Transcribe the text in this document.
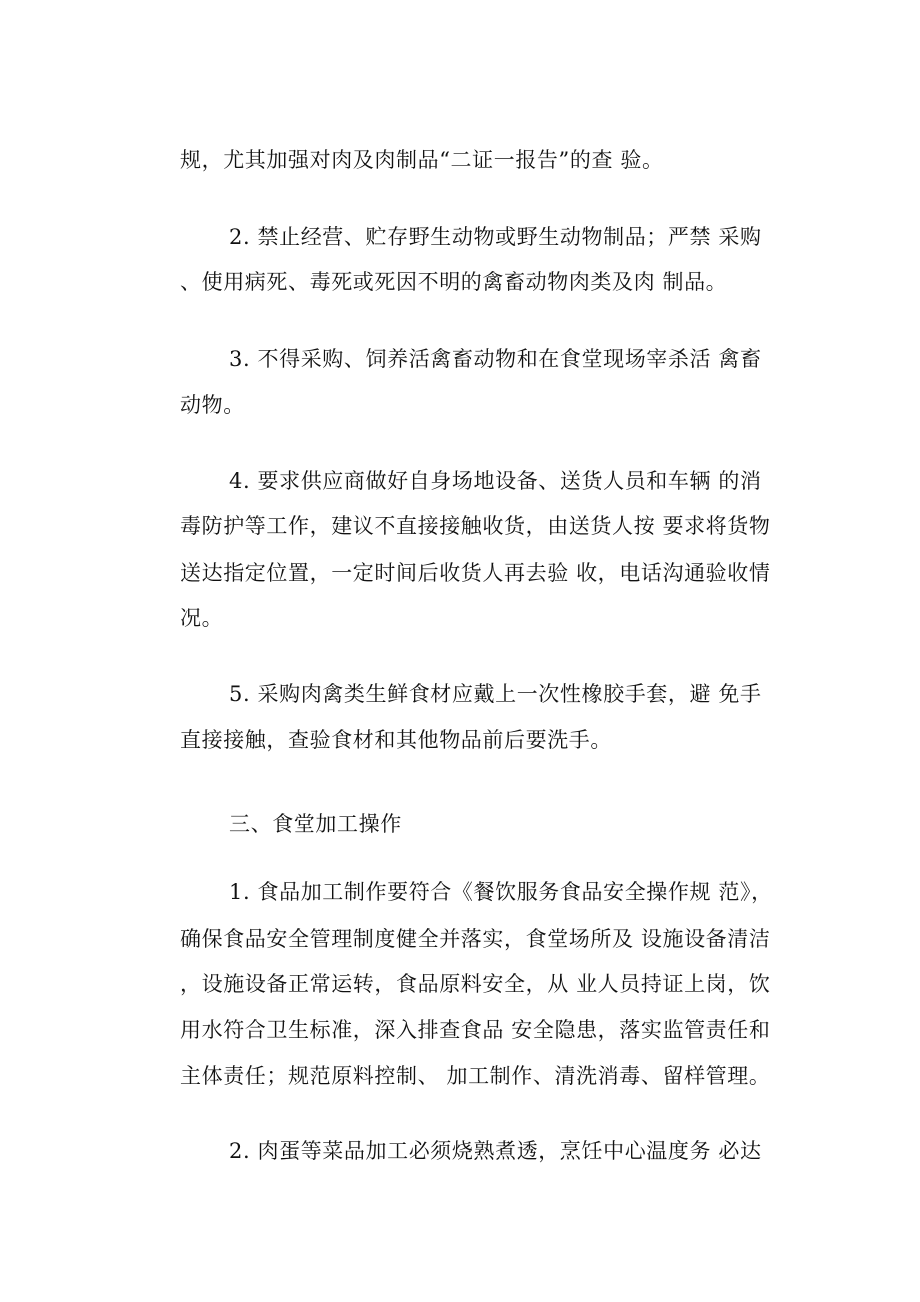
规，尤其加强对肉及肉制品“二证一报告”的查 验。
2. 禁止经营、贮存野生动物或野生动物制品；严禁 采购
、使用病死、毒死或死因不明的禽畜动物肉类及肉 制品。
3. 不得采购、饲养活禽畜动物和在食堂现场宰杀活 禽畜
动物。
4. 要求供应商做好自身场地设备、送货人员和车辆 的消
毒防护等工作，建议不直接接触收货，由送货人按 要求将货物
送达指定位置，一定时间后收货人再去验 收，电话沟通验收情
况。
5. 采购肉禽类生鲜食材应戴上一次性橡胶手套，避 免手
直接接触，查验食材和其他物品前后要洗手。
三、食堂加工操作
1. 食品加工制作要符合《餐饮服务食品安全操作规 范》，
确保食品安全管理制度健全并落实，食堂场所及 设施设备清洁
，设施设备正常运转，食品原料安全，从 业人员持证上岗，饮
用水符合卫生标准，深入排查食品 安全隐患，落实监管责任和
主体责任；规范原料控制、 加工制作、清洗消毒、留样管理。
2. 肉蛋等菜品加工必须烧熟煮透，烹饪中心温度务 必达
